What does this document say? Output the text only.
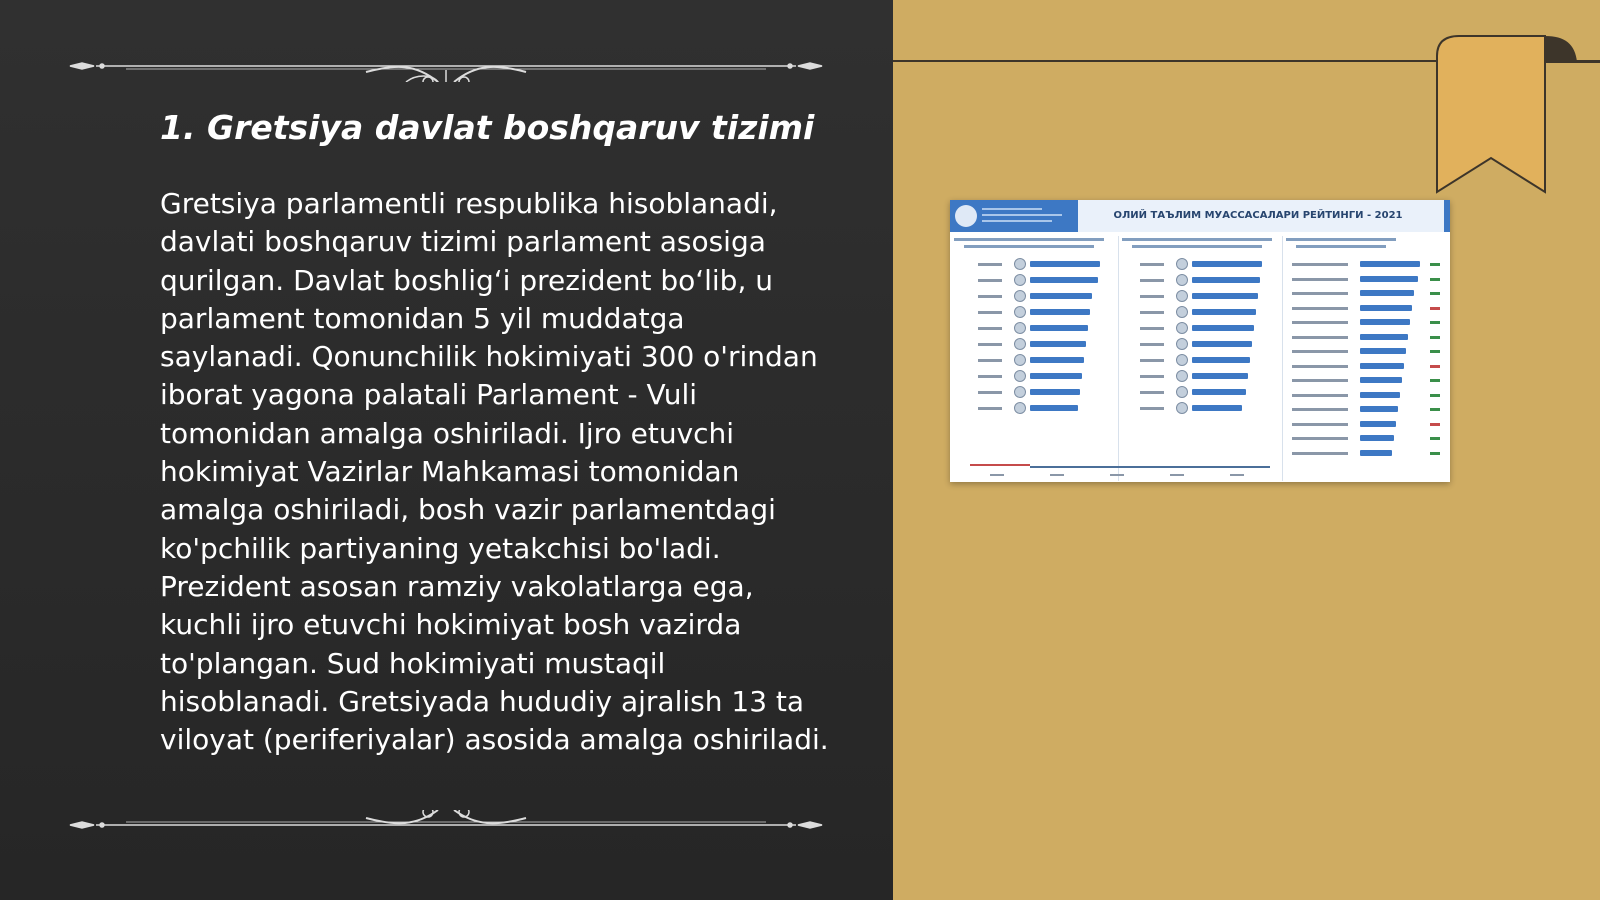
1. Gretsiya davlat boshqaruv tizimi

Gretsiya parlamentli respublika hisoblanadi, davlati boshqaruv tizimi parlament asosiga qurilgan. Davlat boshlig‘i prezident bo‘lib, u parlament tomonidan 5 yil muddatga saylanadi. Qonunchilik hokimiyati 300 o'rindan iborat yagona palatali Parlament - Vuli tomonidan amalga oshiriladi. Ijro etuvchi hokimiyat Vazirlar Mahkamasi tomonidan amalga oshiriladi, bosh vazir parlamentdagi ko'pchilik partiyaning yetakchisi bo'ladi. Prezident asosan ramziy vakolatlarga ega, kuchli ijro etuvchi hokimiyat bosh vazirda to'plangan. Sud hokimiyati mustaqil hisoblanadi. Gretsiyada hududiy ajralish 13 ta viloyat (periferiyalar) asosida amalga oshiriladi.

ОЛИЙ ТАЪЛИМ МУАССАСАЛАРИ РЕЙТИНГИ - 2021
